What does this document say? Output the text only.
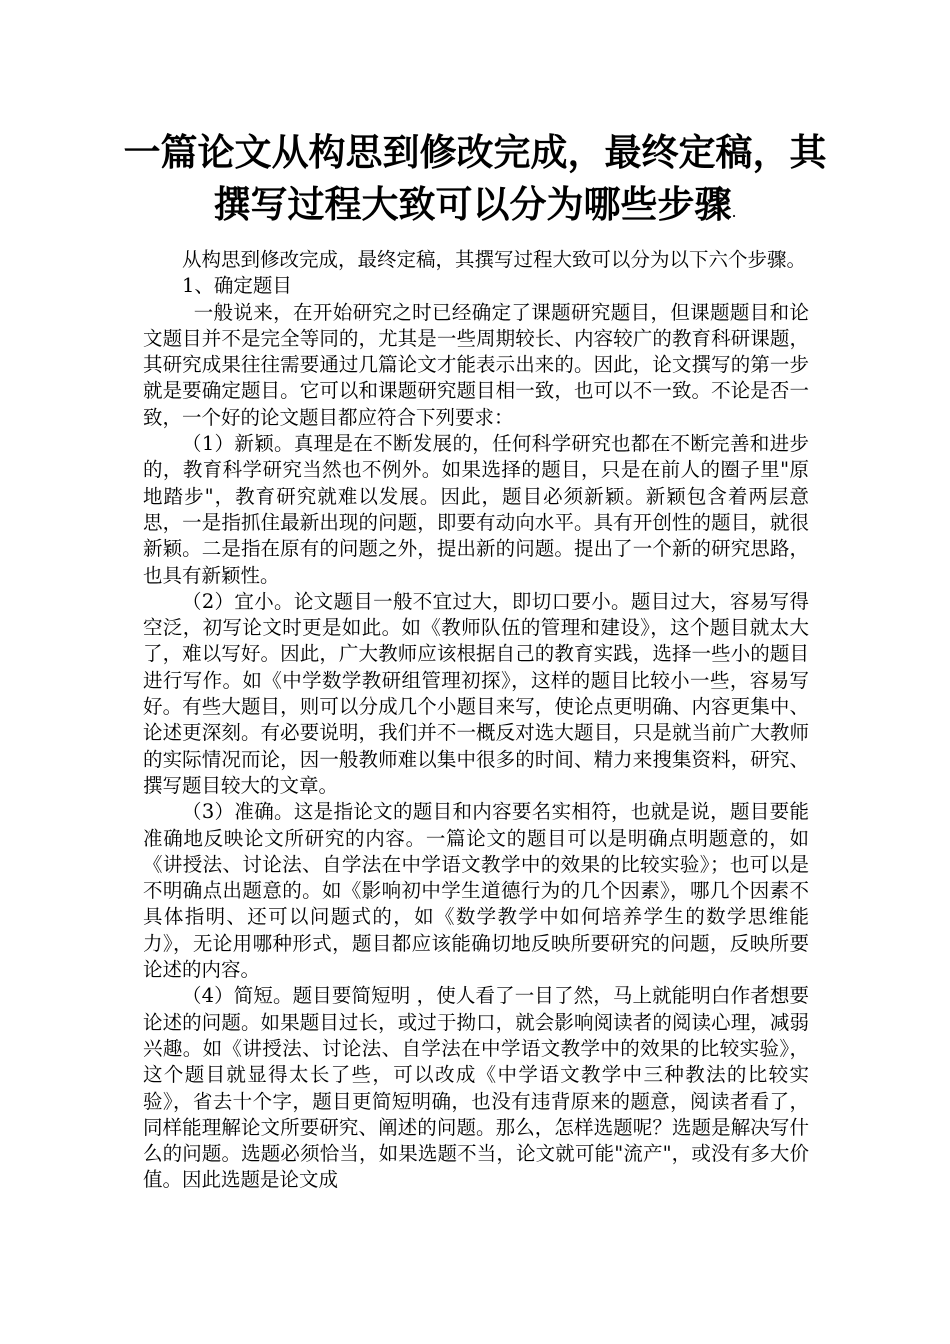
一篇论文从构思到修改完成，最终定稿，其
撰写过程大致可以分为哪些步骤.

从构思到修改完成，最终定稿，其撰写过程大致可以分为以下六个步骤。

1、确定题目

一般说来，在开始研究之时已经确定了课题研究题目，但课题题目和论文题目并不是完全等同的，尤其是一些周期较长、内容较广的教育科研课题，其研究成果往往需要通过几篇论文才能表示出来的。因此，论文撰写的第一步就是要确定题目。它可以和课题研究题目相一致，也可以不一致。不论是否一致，一个好的论文题目都应符合下列要求：

（1）新颖。真理是在不断发展的，任何科学研究也都在不断完善和进步的，教育科学研究当然也不例外。如果选择的题目，只是在前人的圈子里"原地踏步"，教育研究就难以发展。因此，题目必须新颖。新颖包含着两层意思，一是指抓住最新出现的问题，即要有动向水平。具有开创性的题目，就很新颖。二是指在原有的问题之外，提出新的问题。提出了一个新的研究思路，也具有新颖性。

（2）宜小。论文题目一般不宜过大，即切口要小。题目过大，容易写得空泛，初写论文时更是如此。如《教师队伍的管理和建设》，这个题目就太大了，难以写好。因此，广大教师应该根据自己的教育实践，选择一些小的题目进行写作。如《中学数学教研组管理初探》，这样的题目比较小一些，容易写好。有些大题目，则可以分成几个小题目来写，使论点更明确、内容更集中、论述更深刻。有必要说明，我们并不一概反对选大题目，只是就当前广大教师的实际情况而论，因一般教师难以集中很多的时间、精力来搜集资料，研究、撰写题目较大的文章。

（3）准确。这是指论文的题目和内容要名实相符，也就是说，题目要能准确地反映论文所研究的内容。一篇论文的题目可以是明确点明题意的，如《讲授法、讨论法、自学法在中学语文教学中的效果的比较实验》；也可以是不明确点出题意的。如《影响初中学生道德行为的几个因素》，哪几个因素不具体指明、还可以问题式的，如《数学教学中如何培养学生的数学思维能力》，无论用哪种形式，题目都应该能确切地反映所要研究的问题，反映所要论述的内容。

（4）简短。题目要简短明 ，使人看了一目了然，马上就能明白作者想要论述的问题。如果题目过长，或过于拗口，就会影响阅读者的阅读心理，减弱兴趣。如《讲授法、讨论法、自学法在中学语文教学中的效果的比较实验》，这个题目就显得太长了些，可以改成《中学语文教学中三种教法的比较实验》，省去十个字，题目更简短明确，也没有违背原来的题意，阅读者看了，同样能理解论文所要研究、阐述的问题。那么，怎样选题呢？选题是解决写什么的问题。选题必须恰当，如果选题不当，论文就可能"流产"，或没有多大价值。因此选题是论文成
